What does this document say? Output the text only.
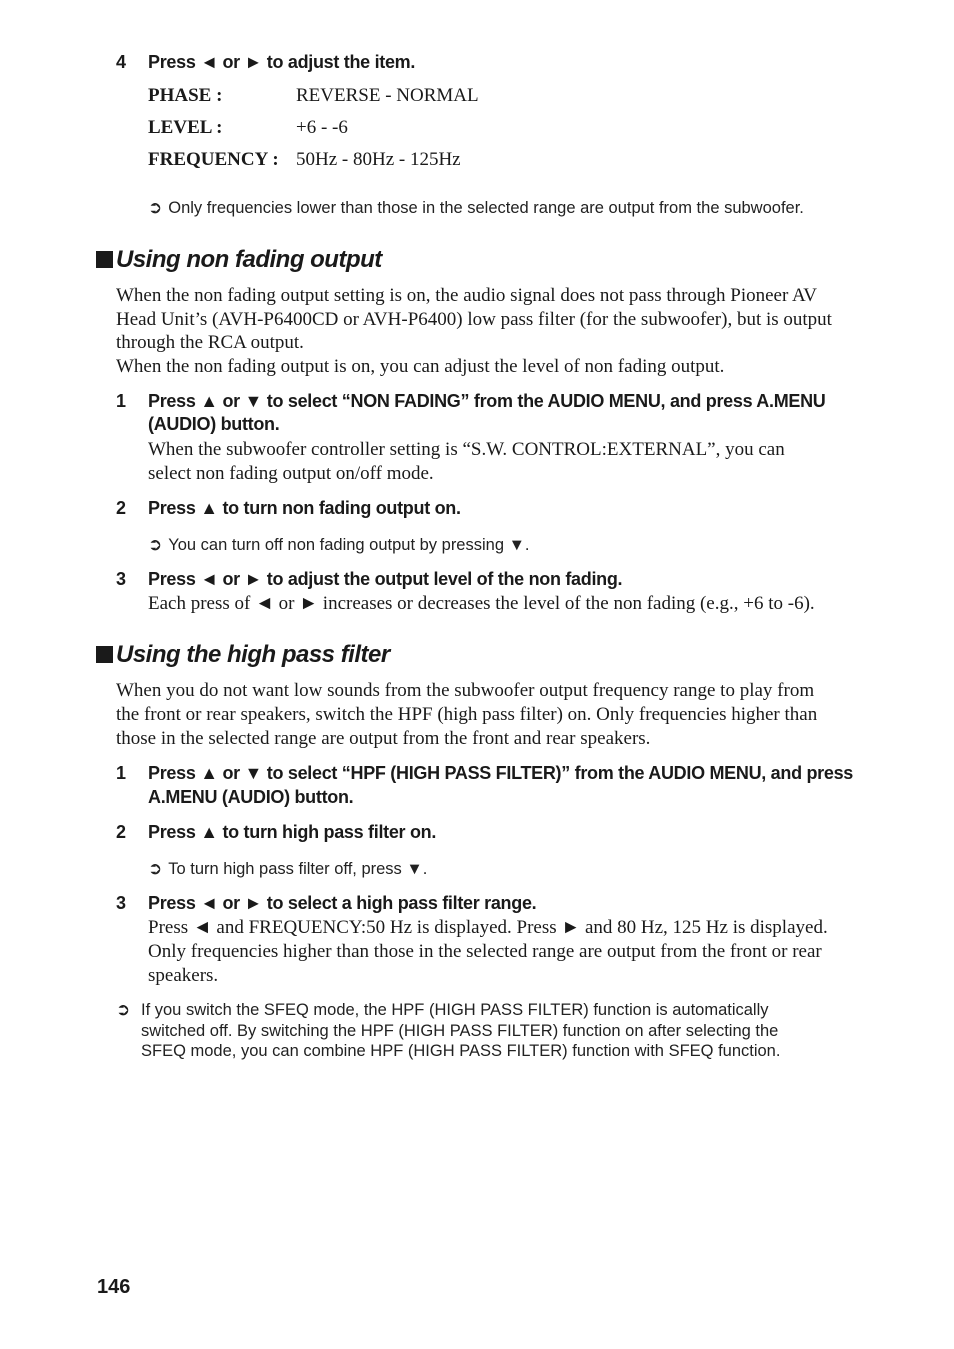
4 Press ◄ or ► to adjust the item.
PHASE :	REVERSE - NORMAL
LEVEL :	+6 - -6
FREQUENCY : 50Hz - 80Hz - 125Hz
➲ Only frequencies lower than those in the selected range are output from the subwoofer.
Using non fading output
When the non fading output setting is on, the audio signal does not pass through Pioneer AV
Head Unit’s (AVH-P6400CD or AVH-P6400) low pass filter (for the subwoofer), but is output
through the RCA output.
When the non fading output is on, you can adjust the level of non fading output.
1 Press ▲ or ▼ to select “NON FADING” from the AUDIO MENU, and press A.MENU
(AUDIO) button.
When the subwoofer controller setting is “S.W. CONTROL:EXTERNAL”, you can
select non fading output on/off mode.
2 Press ▲ to turn non fading output on.
➲ You can turn off non fading output by pressing ▼.
3 Press ◄ or ► to adjust the output level of the non fading.
Each press of ◄ or ► increases or decreases the level of the non fading (e.g., +6 to -6).
Using the high pass filter
When you do not want low sounds from the subwoofer output frequency range to play from
the front or rear speakers, switch the HPF (high pass filter) on. Only frequencies higher than
those in the selected range are output from the front and rear speakers.
1 Press ▲ or ▼ to select “HPF (HIGH PASS FILTER)” from the AUDIO MENU, and press
A.MENU (AUDIO) button.
2 Press ▲ to turn high pass filter on.
➲ To turn high pass filter off, press ▼.
3 Press ◄ or ► to select a high pass filter range.
Press ◄ and FREQUENCY:50 Hz is displayed. Press ► and 80 Hz, 125 Hz is displayed.
Only frequencies higher than those in the selected range are output from the front or rear
speakers.
➲ If you switch the SFEQ mode, the HPF (HIGH PASS FILTER) function is automatically
switched off. By switching the HPF (HIGH PASS FILTER) function on after selecting the
SFEQ mode, you can combine HPF (HIGH PASS FILTER) function with SFEQ function.
146
